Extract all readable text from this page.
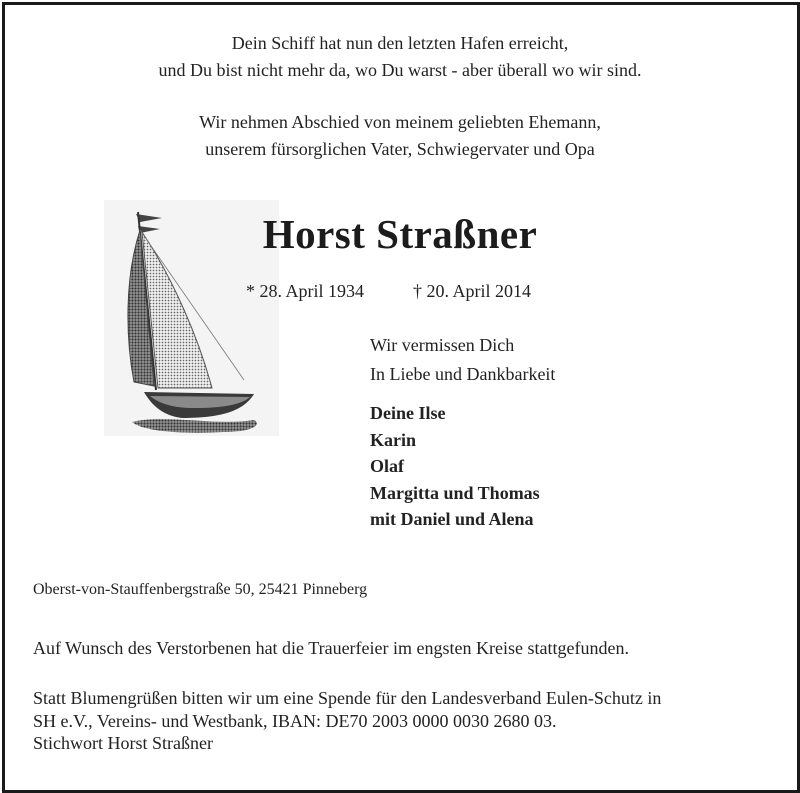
Dein Schiff hat nun den letzten Hafen erreicht,
und Du bist nicht mehr da, wo Du warst - aber überall wo wir sind.
Wir nehmen Abschied von meinem geliebten Ehemann,
unserem fürsorglichen Vater, Schwiegervater und Opa
Horst Straßner
* 28. April 1934	† 20. April 2014
Wir vermissen Dich
In Liebe und Dankbarkeit
Deine Ilse
Karin
Olaf
Margitta und Thomas
mit Daniel und Alena
Oberst-von-Stauffenbergstraße 50, 25421 Pinneberg
Auf Wunsch des Verstorbenen hat die Trauerfeier im engsten Kreise stattgefunden.
Statt Blumengrüßen bitten wir um eine Spende für den Landesverband Eulen-Schutz in
SH e.V., Vereins- und Westbank, IBAN: DE70 2003 0000 0030 2680 03.
Stichwort Horst Straßner
